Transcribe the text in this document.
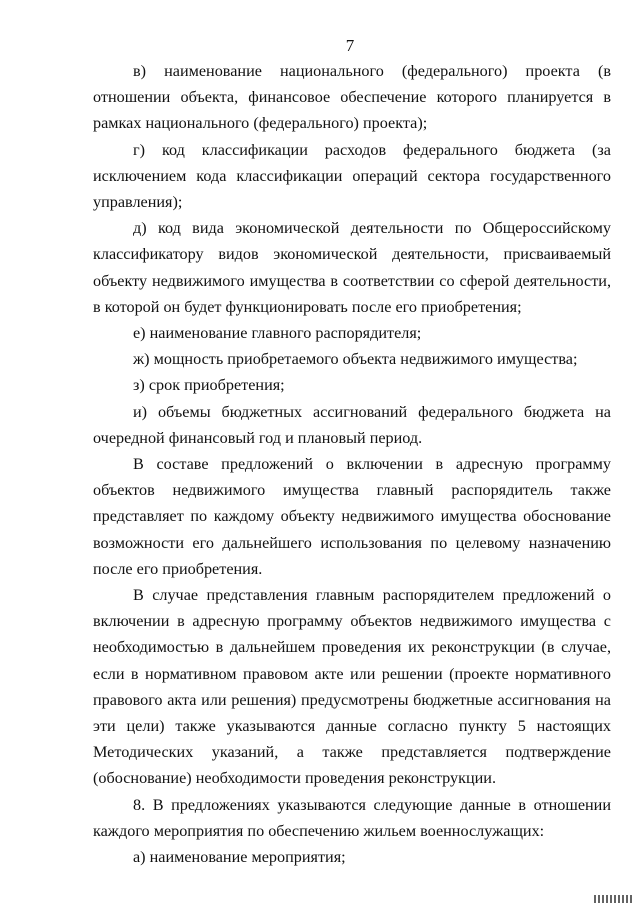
7

в) наименование национального (федерального) проекта (в отношении объекта, финансовое обеспечение которого планируется в рамках национального (федерального) проекта);

г) код классификации расходов федерального бюджета (за исключением кода классификации операций сектора государственного управления);

д) код вида экономической деятельности по Общероссийскому классификатору видов экономической деятельности, присваиваемый объекту недвижимого имущества в соответствии со сферой деятельности, в которой он будет функционировать после его приобретения;

е) наименование главного распорядителя;

ж) мощность приобретаемого объекта недвижимого имущества;

з) срок приобретения;

и) объемы бюджетных ассигнований федерального бюджета на очередной финансовый год и плановый период.

В составе предложений о включении в адресную программу объектов недвижимого имущества главный распорядитель также представляет по каждому объекту недвижимого имущества обоснование возможности его дальнейшего использования по целевому назначению после его приобретения.

В случае представления главным распорядителем предложений о включении в адресную программу объектов недвижимого имущества с необходимостью в дальнейшем проведения их реконструкции (в случае, если в нормативном правовом акте или решении (проекте нормативного правового акта или решения) предусмотрены бюджетные ассигнования на эти цели) также указываются данные согласно пункту 5 настоящих Методических указаний, а также представляется подтверждение (обоснование) необходимости проведения реконструкции.

8. В предложениях указываются следующие данные в отношении каждого мероприятия по обеспечению жильем военнослужащих:

а) наименование мероприятия;
